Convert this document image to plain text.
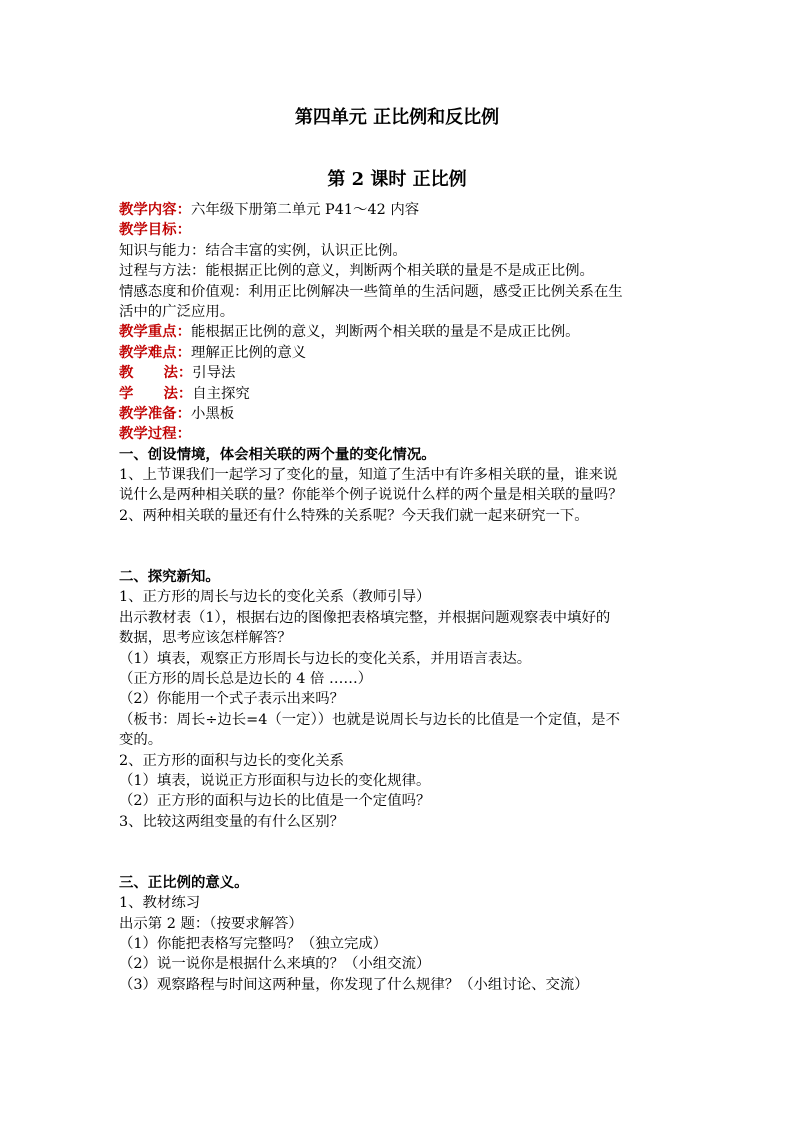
第四单元 正比例和反比例
第 2 课时 正比例
教学内容：六年级下册第二单元 P41～42 内容
教学目标：
知识与能力：结合丰富的实例，认识正比例。
过程与方法：能根据正比例的意义，判断两个相关联的量是不是成正比例。
情感态度和价值观：利用正比例解决一些简单的生活问题，感受正比例关系在生
活中的广泛应用。
教学重点：能根据正比例的意义，判断两个相关联的量是不是成正比例。
教学难点：理解正比例的意义
教      法：引导法
学      法：自主探究
教学准备：小黑板
教学过程：
一、创设情境，体会相关联的两个量的变化情况。
1、上节课我们一起学习了变化的量，知道了生活中有许多相关联的量，谁来说
说什么是两种相关联的量？你能举个例子说说什么样的两个量是相关联的量吗？
2、两种相关联的量还有什么特殊的关系呢？今天我们就一起来研究一下。
二、探究新知。
1、正方形的周长与边长的变化关系（教师引导）
出示教材表（1），根据右边的图像把表格填完整，并根据问题观察表中填好的
数据，思考应该怎样解答？
（1）填表，观察正方形周长与边长的变化关系，并用语言表达。
（正方形的周长总是边长的 4 倍 ……）
（2）你能用一个式子表示出来吗？
（板书：周长÷边长=4（一定））也就是说周长与边长的比值是一个定值，是不
变的。
2、正方形的面积与边长的变化关系
（1）填表，说说正方形面积与边长的变化规律。
（2）正方形的面积与边长的比值是一个定值吗？
3、比较这两组变量的有什么区别？
三、正比例的意义。
1、教材练习
出示第 2 题：（按要求解答）
（1）你能把表格写完整吗？（独立完成）
（2）说一说你是根据什么来填的？（小组交流）
（3）观察路程与时间这两种量，你发现了什么规律？（小组讨论、交流）
